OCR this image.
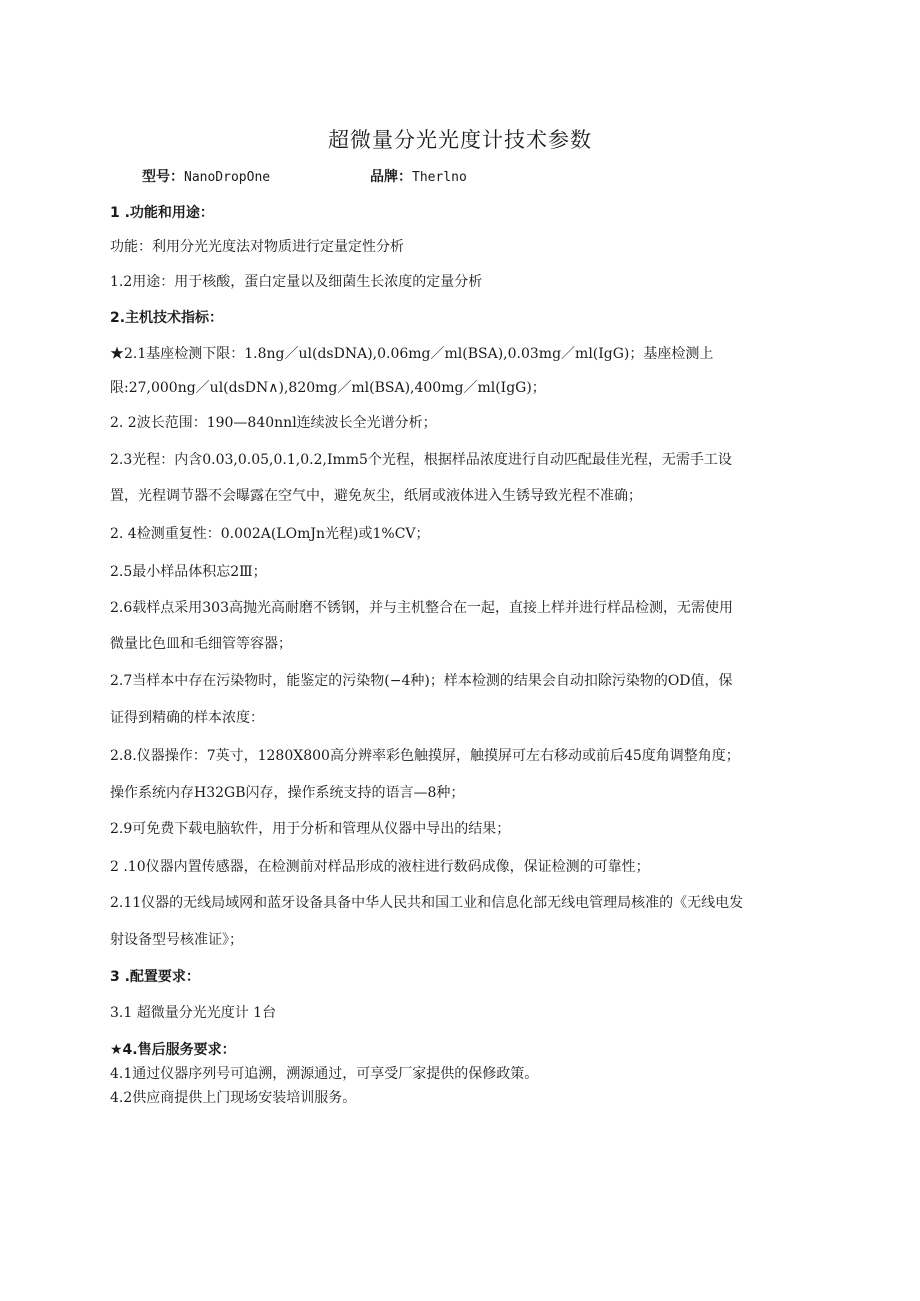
超微量分光光度计技术参数
型号：NanoDropOne	品牌：Therlno
1 .功能和用途：
功能：利用分光光度法对物质进行定量定性分析
1.2用途：用于核酸，蛋白定量以及细菌生长浓度的定量分析
2.主机技术指标：
★2.1基座检测下限：1.8ng／ul(dsDNA),0.06mg／ml(BSA),0.03mg／ml(IgG)；基座检测上
限:27,000ng／ul(dsDN∧),820mg／ml(BSA),400mg／ml(IgG)；
2. 2波长范围：190—840nnl连续波长全光谱分析；
2.3光程：内含0.03,0.05,0.1,0.2,Imm5个光程，根据样品浓度进行自动匹配最佳光程，无需手工设
置，光程调节器不会曝露在空气中，避免灰尘，纸屑或液体进入生锈导致光程不准确；
2. 4检测重复性：0.002A(LOmJn光程)或1%CV；
2.5最小样品体积忘2Ⅲ；
2.6载样点采用303高抛光高耐磨不锈钢，并与主机整合在一起，直接上样并进行样品检测，无需使用
微量比色皿和毛细管等容器；
2.7当样本中存在污染物时，能鉴定的污染物(−4种)；样本检测的结果会自动扣除污染物的OD值，保
证得到精确的样本浓度：
2.8.仪器操作：7英寸，1280X800高分辨率彩色触摸屏，触摸屏可左右移动或前后45度角调整角度；
操作系统内存H32GB闪存，操作系统支持的语言—8种；
2.9可免费下载电脑软件，用于分析和管理从仪器中导出的结果；
2 .10仪器内置传感器，在检测前对样品形成的液柱进行数码成像，保证检测的可靠性；
2.11仪器的无线局域网和蓝牙设备具备中华人民共和国工业和信息化部无线电管理局核准的《无线电发
射设备型号核准证》；
3 .配置要求：
3.1 超微量分光光度计 1台
★4.售后服务要求：
4.1通过仪器序列号可追溯，溯源通过，可享受厂家提供的保修政策。
4.2供应商提供上门现场安装培训服务。
